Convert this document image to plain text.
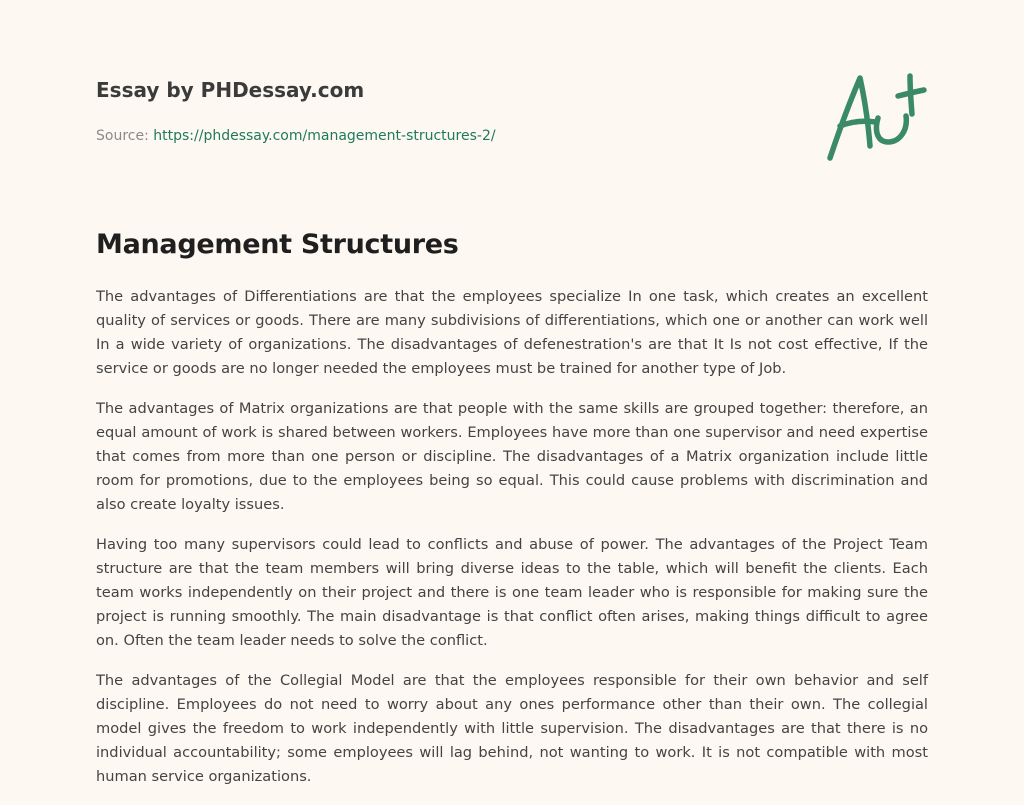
Essay by PHDessay.com
Source: https://phdessay.com/management-structures-2/
Management Structures

The advantages of Differentiations are that the employees specialize In one task, which creates an excellent quality of services or goods. There are many subdivisions of differentiations, which one or another can work well In a wide variety of organizations. The disadvantages of defenestration's are that It Is not cost effective, If the service or goods are no longer needed the employees must be trained for another type of Job.

The advantages of Matrix organizations are that people with the same skills are grouped together: therefore, an equal amount of work is shared between workers. Employees have more than one supervisor and need expertise that comes from more than one person or discipline. The disadvantages of a Matrix organization include little room for promotions, due to the employees being so equal. This could cause problems with discrimination and also create loyalty issues.

Having too many supervisors could lead to conflicts and abuse of power. The advantages of the Project Team structure are that the team members will bring diverse ideas to the table, which will benefit the clients. Each team works independently on their project and there is one team leader who is responsible for making sure the project is running smoothly. The main disadvantage is that conflict often arises, making things difficult to agree on. Often the team leader needs to solve the conflict.

The advantages of the Collegial Model are that the employees responsible for their own behavior and self discipline. Employees do not need to worry about any ones performance other than their own. The collegial model gives the freedom to work independently with little supervision. The disadvantages are that there is no individual accountability; some employees will lag behind, not wanting to work. It is not compatible with most human service organizations.
